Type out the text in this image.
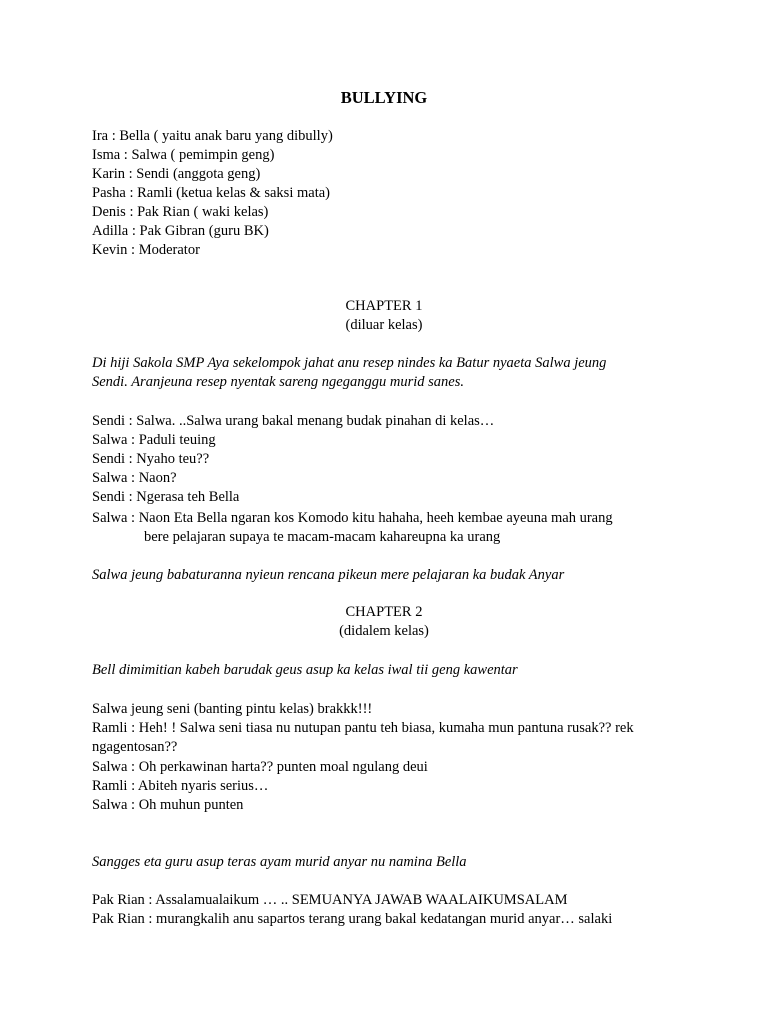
BULLYING
Ira : Bella ( yaitu anak baru yang dibully)
Isma : Salwa ( pemimpin geng)
Karin : Sendi (anggota geng)
Pasha : Ramli (ketua kelas & saksi mata)
Denis : Pak Rian ( waki kelas)
Adilla : Pak Gibran (guru BK)
Kevin : Moderator
CHAPTER 1
(diluar kelas)
Di hiji Sakola SMP Aya sekelompok jahat anu resep nindes ka Batur nyaeta Salwa jeung
Sendi. Aranjeuna resep nyentak sareng ngeganggu murid sanes.
Sendi : Salwa. ..Salwa urang bakal menang budak pinahan di kelas…
Salwa : Paduli teuing
Sendi : Nyaho teu??
Salwa : Naon?
Sendi : Ngerasa teh Bella
Salwa : Naon Eta Bella ngaran kos Komodo kitu hahaha, heeh kembae ayeuna mah urang
bere pelajaran supaya te macam-macam kahareupna ka urang
Salwa jeung babaturanna nyieun rencana pikeun mere pelajaran ka budak Anyar
CHAPTER 2
(didalem kelas)
Bell dimimitian kabeh barudak geus asup ka kelas iwal tii geng kawentar
Salwa jeung seni (banting pintu kelas) brakkk!!!
Ramli : Heh! ! Salwa seni tiasa nu nutupan pantu teh biasa, kumaha mun pantuna rusak?? rek
ngagentosan??
Salwa : Oh perkawinan harta?? punten moal ngulang deui
Ramli : Abiteh nyaris serius…
Salwa : Oh muhun punten
Sangges eta guru asup teras ayam murid anyar nu namina Bella
Pak Rian : Assalamualaikum … .. SEMUANYA JAWAB WAALAIKUMSALAM
Pak Rian : murangkalih anu sapartos terang urang bakal kedatangan murid anyar… salaki
